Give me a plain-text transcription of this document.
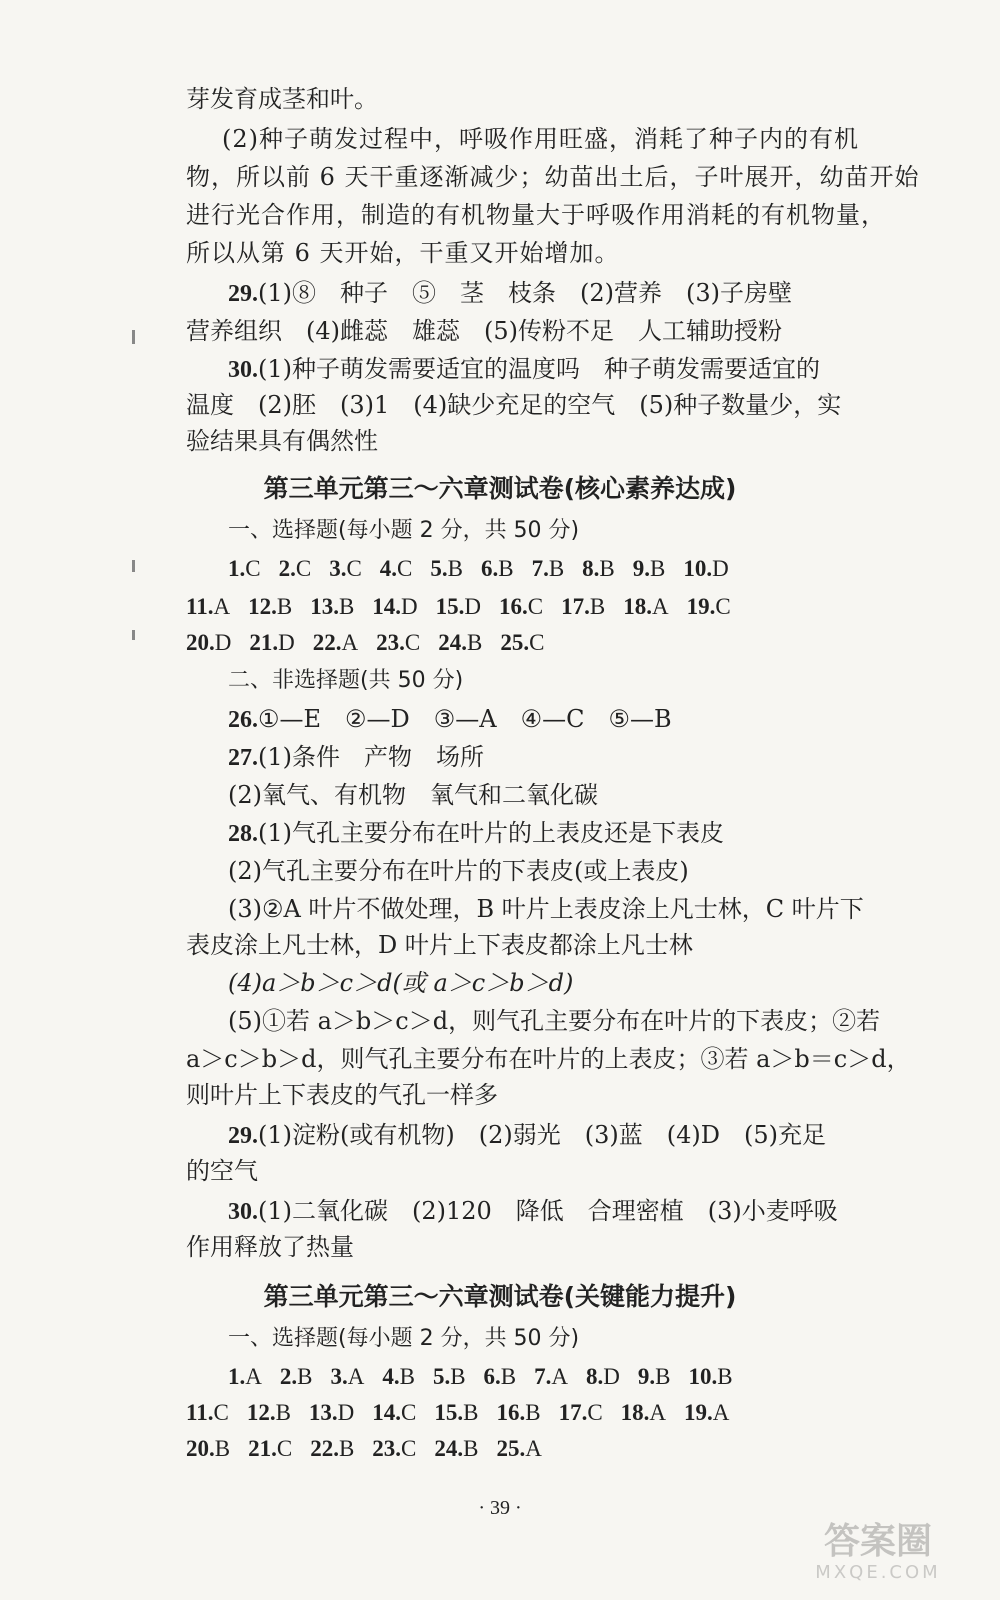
芽发育成茎和叶。
(2)种子萌发过程中，呼吸作用旺盛，消耗了种子内的有机
物，所以前 6 天干重逐渐减少；幼苗出土后，子叶展开，幼苗开始
进行光合作用，制造的有机物量大于呼吸作用消耗的有机物量，
所以从第 6 天开始，干重又开始增加。
29.(1)⑧　种子　⑤　茎　枝条　(2)营养　(3)子房壁
营养组织　(4)雌蕊　雄蕊　(5)传粉不足　人工辅助授粉
30.(1)种子萌发需要适宜的温度吗　种子萌发需要适宜的
温度　(2)胚　(3)1　(4)缺少充足的空气　(5)种子数量少，实
验结果具有偶然性
第三单元第三～六章测试卷(核心素养达成)
一、选择题(每小题 2 分，共 50 分)
1.C 2.C 3.C 4.C 5.B 6.B 7.B 8.B 9.B 10.D
11.A 12.B 13.B 14.D 15.D 16.C 17.B 18.A 19.C
20.D 21.D 22.A 23.C 24.B 25.C
二、非选择题(共 50 分)
26.①—E　②—D　③—A　④—C　⑤—B
27.(1)条件　产物　场所
(2)氧气、有机物　氧气和二氧化碳
28.(1)气孔主要分布在叶片的上表皮还是下表皮
(2)气孔主要分布在叶片的下表皮(或上表皮)
(3)②A 叶片不做处理，B 叶片上表皮涂上凡士林，C 叶片下
表皮涂上凡士林，D 叶片上下表皮都涂上凡士林
(4)a＞b＞c＞d(或 a＞c＞b＞d)
(5)①若 a＞b＞c＞d，则气孔主要分布在叶片的下表皮；②若
a＞c＞b＞d，则气孔主要分布在叶片的上表皮；③若 a＞b＝c＞d，
则叶片上下表皮的气孔一样多
29.(1)淀粉(或有机物)　(2)弱光　(3)蓝　(4)D　(5)充足
的空气
30.(1)二氧化碳　(2)120　降低　合理密植　(3)小麦呼吸
作用释放了热量
第三单元第三～六章测试卷(关键能力提升)
一、选择题(每小题 2 分，共 50 分)
1.A 2.B 3.A 4.B 5.B 6.B 7.A 8.D 9.B 10.B
11.C 12.B 13.D 14.C 15.B 16.B 17.C 18.A 19.A
20.B 21.C 22.B 23.C 24.B 25.A
· 39 ·
答案圈
MXQE.COM
